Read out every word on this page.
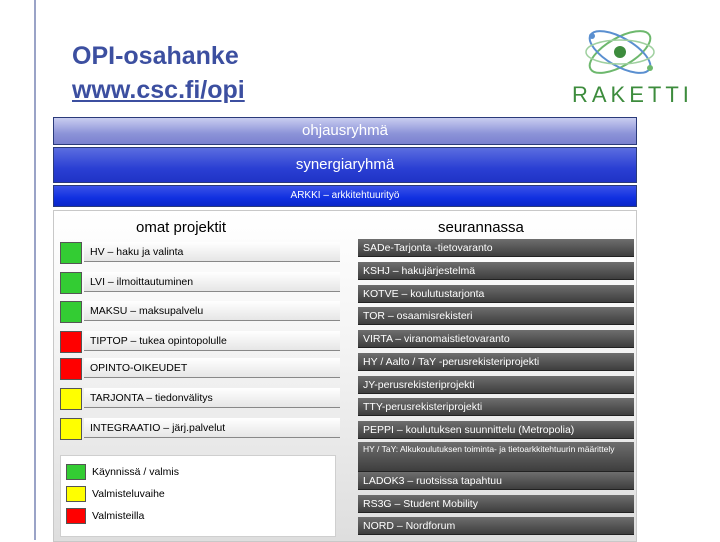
OPI-osahanke
www.csc.fi/opi	RAKETTI
ohjausryhmä
synergiaryhmä
ARKKI – arkkitehtuurityö
omat projektit	seurannassa
HV – haku ja valinta
LVI – ilmoittautuminen
MAKSU – maksupalvelu
TIPTOP – tukea opintopolulle
OPINTO-OIKEUDET
TARJONTA – tiedonvälitys
INTEGRAATIO – järj.palvelut
SADe-Tarjonta -tietovaranto
KSHJ – hakujärjestelmä
KOTVE – koulutustarjonta
TOR – osaamisrekisteri
VIRTA – viranomaistietovaranto
HY / Aalto / TaY -perusrekisteriprojekti
JY-perusrekisteriprojekti
TTY-perusrekisteriprojekti
PEPPI – koulutuksen suunnittelu (Metropolia)
HY / TaY: Alkukoulutuksen toiminta- ja tietoarkkitehtuurin määrittely
LADOK3 – ruotsissa tapahtuu
RS3G – Student Mobility
NORD – Nordforum
Käynnissä / valmis
Valmisteluvaihe
Valmisteilla
